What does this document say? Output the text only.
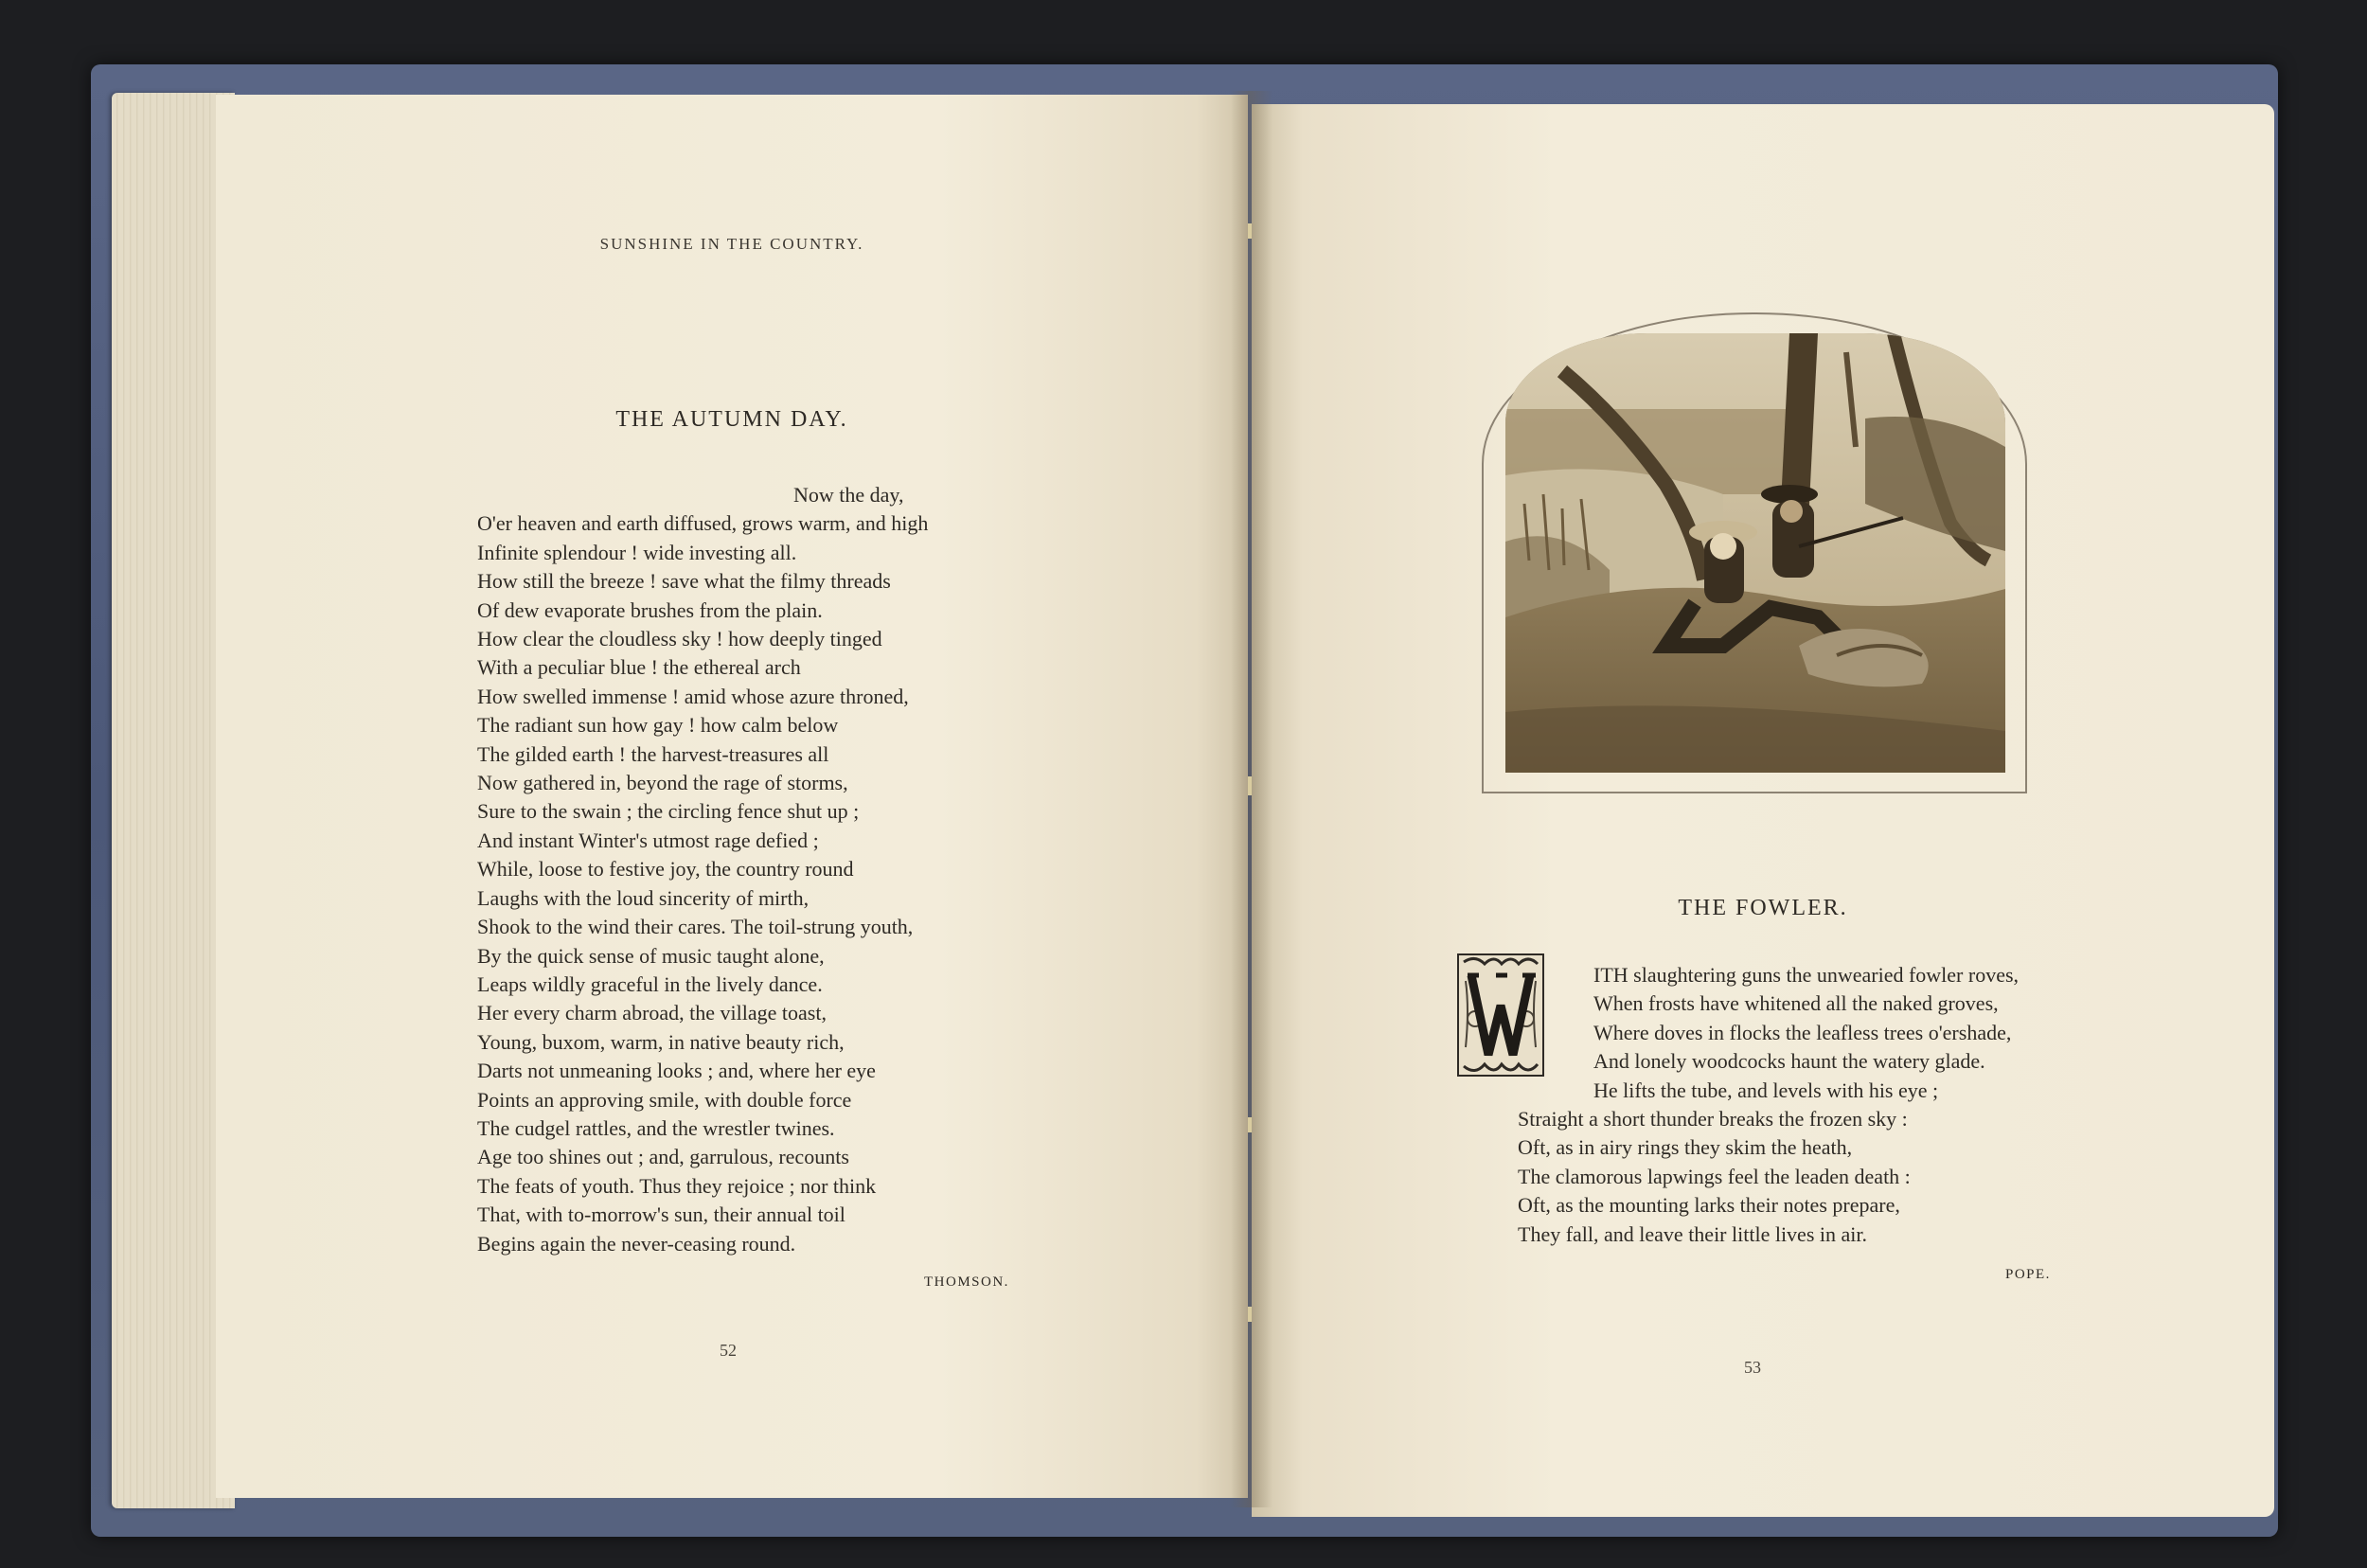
SUNSHINE IN THE COUNTRY.
THE AUTUMN DAY.
Now the day,
O'er heaven and earth diffused, grows warm, and high
Infinite splendour ! wide investing all.
How still the breeze ! save what the filmy threads
Of dew evaporate brushes from the plain.
How clear the cloudless sky ! how deeply tinged
With a peculiar blue ! the ethereal arch
How swelled immense ! amid whose azure throned,
The radiant sun how gay ! how calm below
The gilded earth ! the harvest-treasures all
Now gathered in, beyond the rage of storms,
Sure to the swain ; the circling fence shut up ;
And instant Winter's utmost rage defied ;
While, loose to festive joy, the country round
Laughs with the loud sincerity of mirth,
Shook to the wind their cares. The toil-strung youth,
By the quick sense of music taught alone,
Leaps wildly graceful in the lively dance.
Her every charm abroad, the village toast,
Young, buxom, warm, in native beauty rich,
Darts not unmeaning looks ; and, where her eye
Points an approving smile, with double force
The cudgel rattles, and the wrestler twines.
Age too shines out ; and, garrulous, recounts
The feats of youth. Thus they rejoice ; nor think
That, with to-morrow's sun, their annual toil
Begins again the never-ceasing round.
THOMSON.
52
THE FOWLER.
ITH slaughtering guns the unwearied fowler roves,
When frosts have whitened all the naked groves,
Where doves in flocks the leafless trees o'ershade,
And lonely woodcocks haunt the watery glade.
He lifts the tube, and levels with his eye ;
Straight a short thunder breaks the frozen sky :
Oft, as in airy rings they skim the heath,
The clamorous lapwings feel the leaden death :
Oft, as the mounting larks their notes prepare,
They fall, and leave their little lives in air.
POPE.
53
